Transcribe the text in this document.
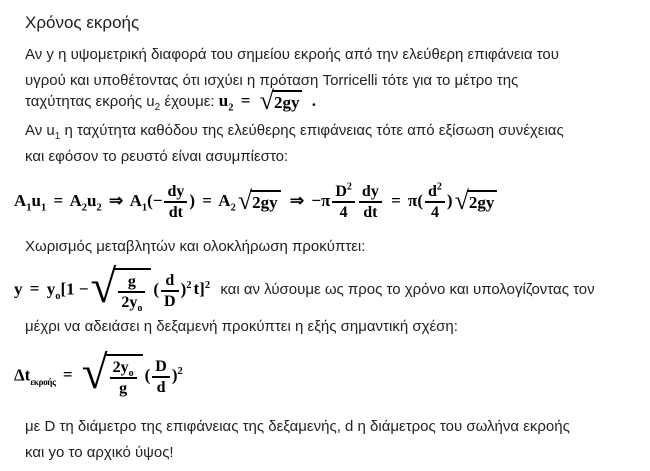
Χρόνος εκροής
Αν y η υψομετρική διαφορά του σημείου εκροής από την ελεύθερη επιφάνεια του
υγρού και υποθέτοντας ότι ισχύει η πρόταση Torricelli τότε για το μέτρο της
ταχύτητας εκροής $u_2$ έχουμε: $u_2$ = √ 2gy .
Αν $u_1$ η ταχύτητα καθόδου της ελεύθερης επιφάνειας τότε από εξίσωση συνέχειας
και εφόσον το ρευστό είναι ασυμπίεστο:
$A_1u_1 = A_2u_2$ ⇒ $A_1(- \frac{dy}{dt}$ ) = $A_2$ √ 2gy ⇒ $-\pi \frac{D^2}{4} \frac{dy}{dt} = \pi( \frac{d^2}{4}$ ) √ 2gy
Χωρισμός μεταβλητών και ολοκλήρωση προκύπτει:
$y = y_o[1$ − √ $\frac{g}{2y_o}$ ( $\frac{d}{D} )^2$ t]$^2$ και αν λύσουμε ως προς το χρόνο και υπολογίζοντας τον
μέχρι να αδειάσει η δεξαμενή προκύπτει η εξής σημαντική σχέση:
$\Delta t_{\varepsilon\kappa\rho oή\varsigma}$ = √ $\frac{2y_o}{g}$ ( $\frac{D}{d} )^2$
με D τη διάμετρο της επιφάνειας της δεξαμενής, d η διάμετρος του σωλήνα εκροής
και yo το αρχικό ύψος!
